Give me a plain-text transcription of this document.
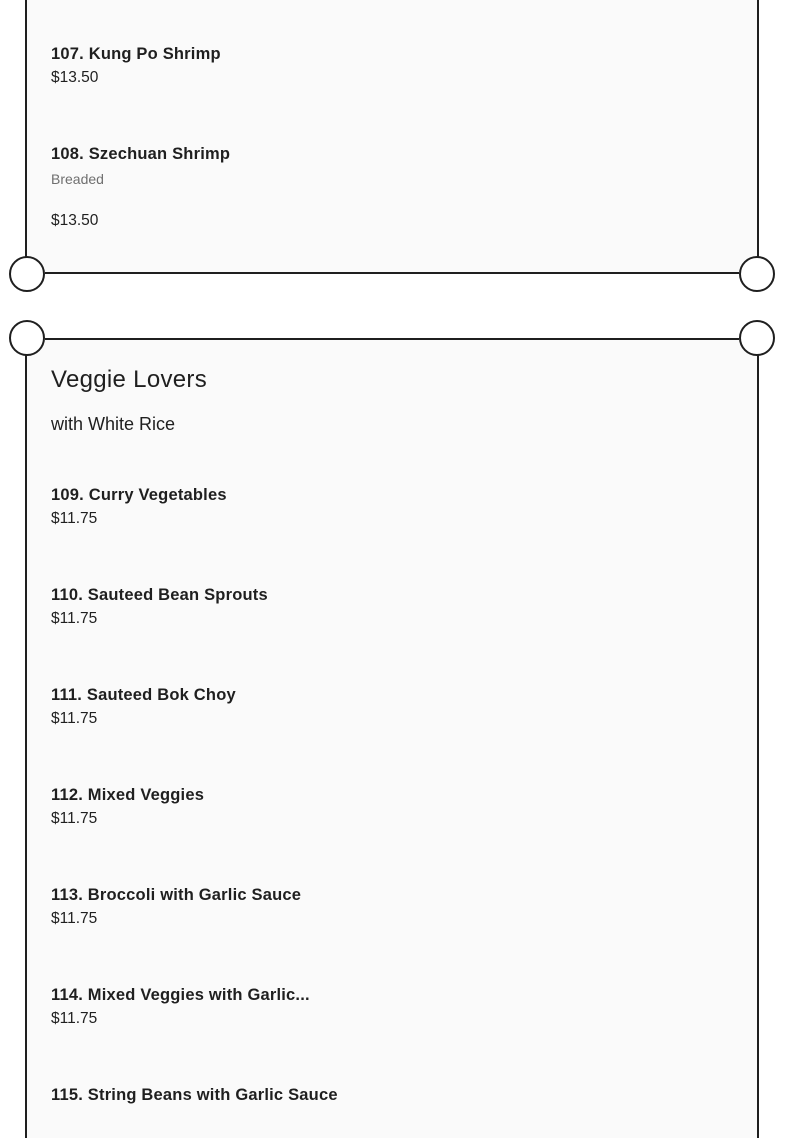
107. Kung Po Shrimp
$13.50
108. Szechuan Shrimp
Breaded
$13.50
Veggie Lovers
with White Rice
109. Curry Vegetables
$11.75
110. Sauteed Bean Sprouts
$11.75
111. Sauteed Bok Choy
$11.75
112. Mixed Veggies
$11.75
113. Broccoli with Garlic Sauce
$11.75
114. Mixed Veggies with Garlic...
$11.75
115. String Beans with Garlic Sauce
